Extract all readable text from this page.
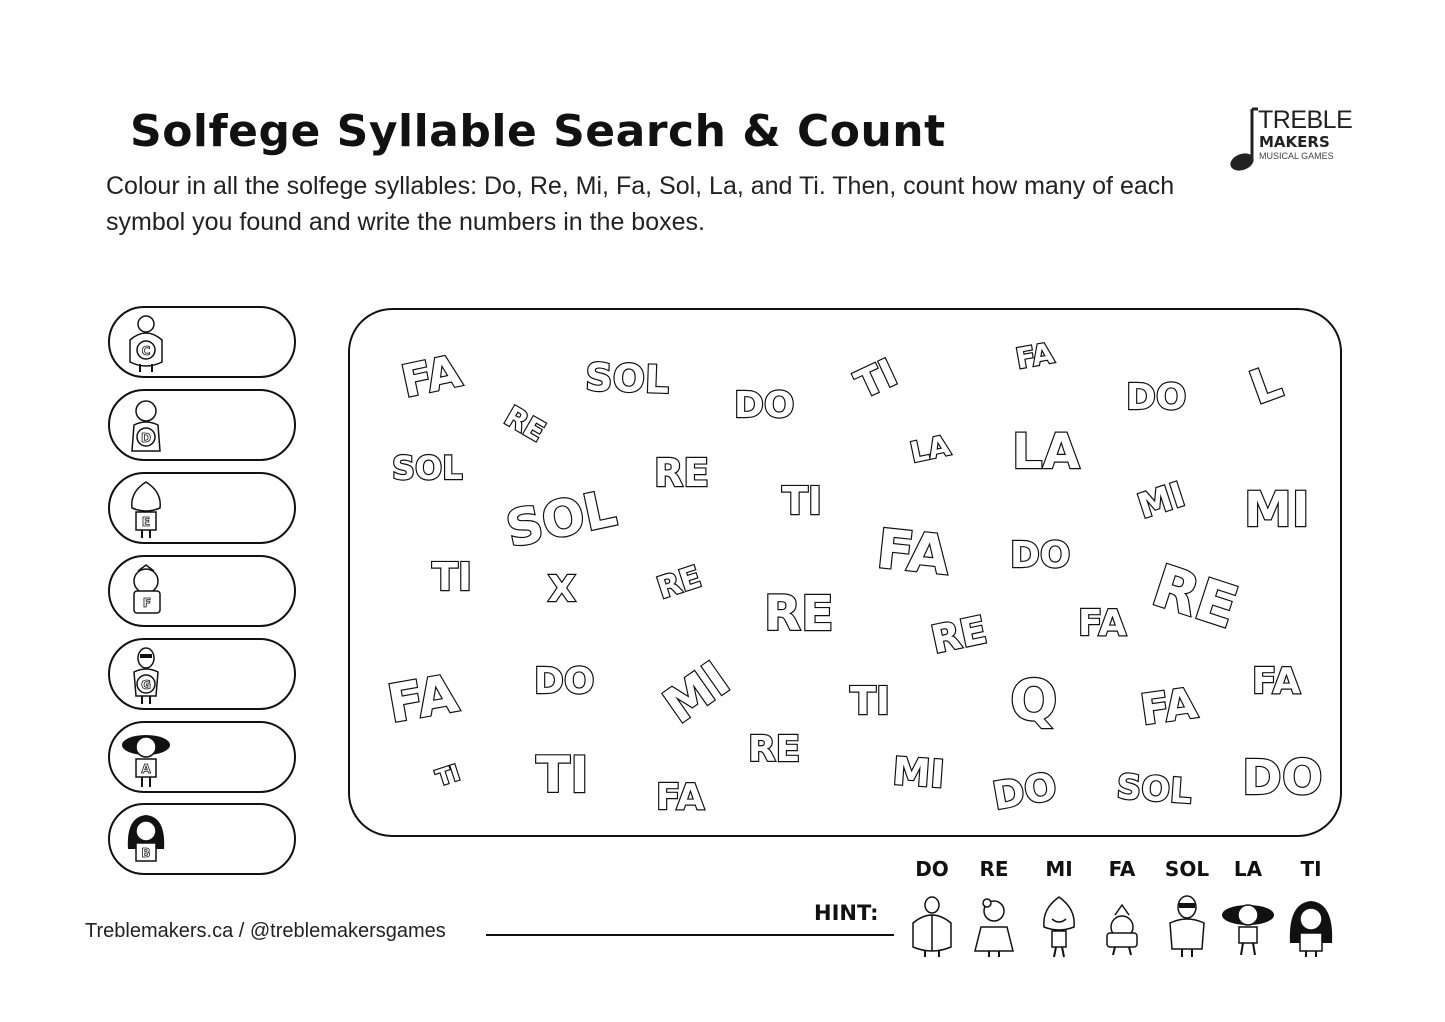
Solfege Syllable Search & Count

Colour in all the solfege syllables: Do, Re, Mi, Fa, Sol, La, and Ti. Then, count how many of each symbol you found and write the numbers in the boxes.

TREBLE
MAKERS
MUSICAL GAMES
C
D
E
F
G
A
B
FA	SOL
DO TI	FA
DO L
RE
SOL	RE
LA LA
SOL	TI	MI MI
TI X	RE	FA DO
RE RE FA RE
FA DO MI	TI Q FA FA
TI TI FA
RE MI DO SOL DO
DO	RE	MI	FA	SOL	LA	TI
HINT:
Treblemakers.ca / @treblemakersgames
